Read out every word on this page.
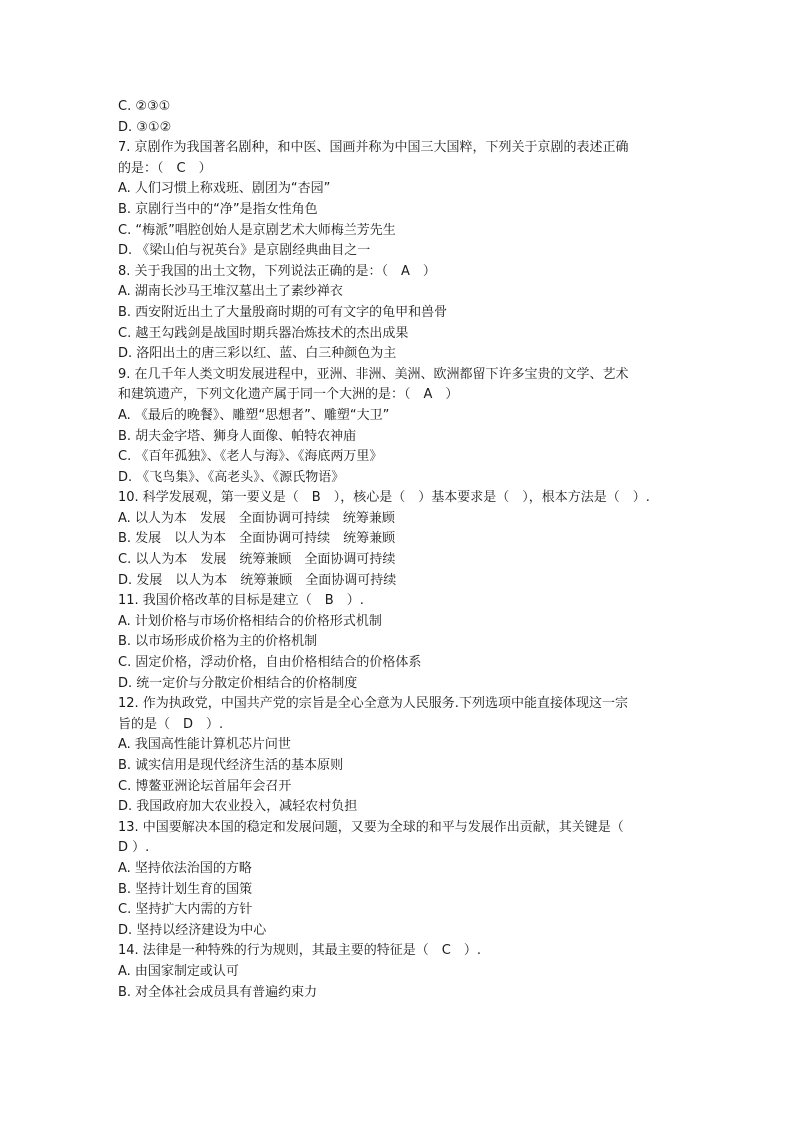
C. ②③①
D. ③①②
7. 京剧作为我国著名剧种，和中医、国画并称为中国三大国粹，下列关于京剧的表述正确
的是：（　C　）
A. 人们习惯上称戏班、剧团为“杏园”
B. 京剧行当中的“净”是指女性角色
C. “梅派”唱腔创始人是京剧艺术大师梅兰芳先生
D. 《梁山伯与祝英台》是京剧经典曲目之一
8. 关于我国的出土文物，下列说法正确的是：（　A　）
A. 湖南长沙马王堆汉墓出土了素纱禅衣
B. 西安附近出土了大量殷商时期的可有文字的龟甲和兽骨
C. 越王勾践剑是战国时期兵器冶炼技术的杰出成果
D. 洛阳出土的唐三彩以红、蓝、白三种颜色为主
9. 在几千年人类文明发展进程中，亚洲、非洲、美洲、欧洲都留下许多宝贵的文学、艺术
和建筑遗产，下列文化遗产属于同一个大洲的是：（　A　）
A. 《最后的晚餐》、雕塑“思想者”、雕塑“大卫”
B. 胡夫金字塔、狮身人面像、帕特农神庙
C. 《百年孤独》、《老人与海》、《海底两万里》
D. 《飞鸟集》、《高老头》、《源氏物语》
10. 科学发展观，第一要义是（　B　），核心是（　）基本要求是（　），根本方法是（　）.
A. 以人为本　发展　全面协调可持续　统筹兼顾
B. 发展　以人为本　全面协调可持续　统筹兼顾
C. 以人为本　发展　统筹兼顾　全面协调可持续
D. 发展　以人为本　统筹兼顾　全面协调可持续
11. 我国价格改革的目标是建立（　B　）.
A. 计划价格与市场价格相结合的价格形式机制
B. 以市场形成价格为主的价格机制
C. 固定价格，浮动价格，自由价格相结合的价格体系
D. 统一定价与分散定价相结合的价格制度
12. 作为执政党，中国共产党的宗旨是全心全意为人民服务.下列选项中能直接体现这一宗
旨的是（　D　）.
A. 我国高性能计算机芯片问世
B. 诚实信用是现代经济生活的基本原则
C. 博鳌亚洲论坛首届年会召开
D. 我国政府加大农业投入，减轻农村负担
13. 中国要解决本国的稳定和发展问题，又要为全球的和平与发展作出贡献，其关键是（
D ）.
A. 坚持依法治国的方略
B. 坚持计划生育的国策
C. 坚持扩大内需的方针
D. 坚持以经济建设为中心
14. 法律是一种特殊的行为规则，其最主要的特征是（　C　）.
A. 由国家制定或认可
B. 对全体社会成员具有普遍约束力
